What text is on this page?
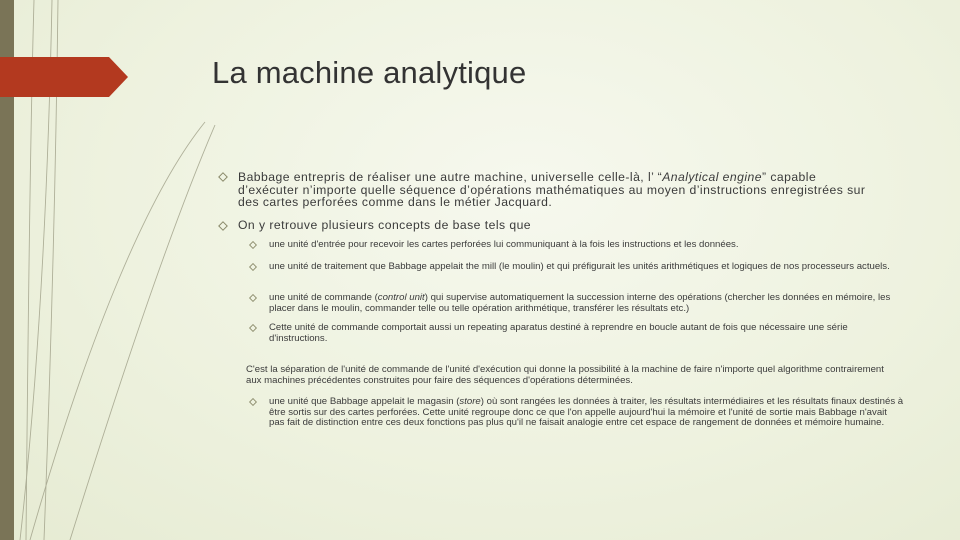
La machine analytique

Babbage entrepris de réaliser une autre machine, universelle celle-là, l’ “Analytical engine” capable d’exécuter n’importe quelle séquence d’opérations mathématiques au moyen d’instructions enregistrées sur des cartes perforées comme dans le métier Jacquard.

On y retrouve plusieurs concepts de base tels que

une unité d'entrée pour recevoir les cartes perforées lui communiquant à la fois les instructions et les données.

une unité de traitement que Babbage appelait the mill (le moulin) et qui préfigurait les unités arithmétiques et logiques de nos processeurs actuels.

une unité de commande (control unit) qui supervise automatiquement la succession interne des opérations (chercher les données en mémoire, les placer dans le moulin, commander telle ou telle opération arithmétique, transférer les résultats etc.)

Cette unité de commande comportait aussi un repeating aparatus destiné à reprendre en boucle autant de fois que nécessaire une série d'instructions.

C'est la séparation de l'unité de commande de l'unité d'exécution qui donne la possibilité à la machine de faire n'importe quel algorithme contrairement aux machines précédentes construites pour faire des séquences d'opérations déterminées.

une unité que Babbage appelait le magasin (store) où sont rangées les données à traiter, les résultats intermédiaires et les résultats finaux destinés à être sortis sur des cartes perforées. Cette unité regroupe donc ce que l'on appelle aujourd'hui la mémoire et l'unité de sortie mais Babbage n'avait pas fait de distinction entre ces deux fonctions pas plus qu'il ne faisait analogie entre cet espace de rangement de données et mémoire humaine.
